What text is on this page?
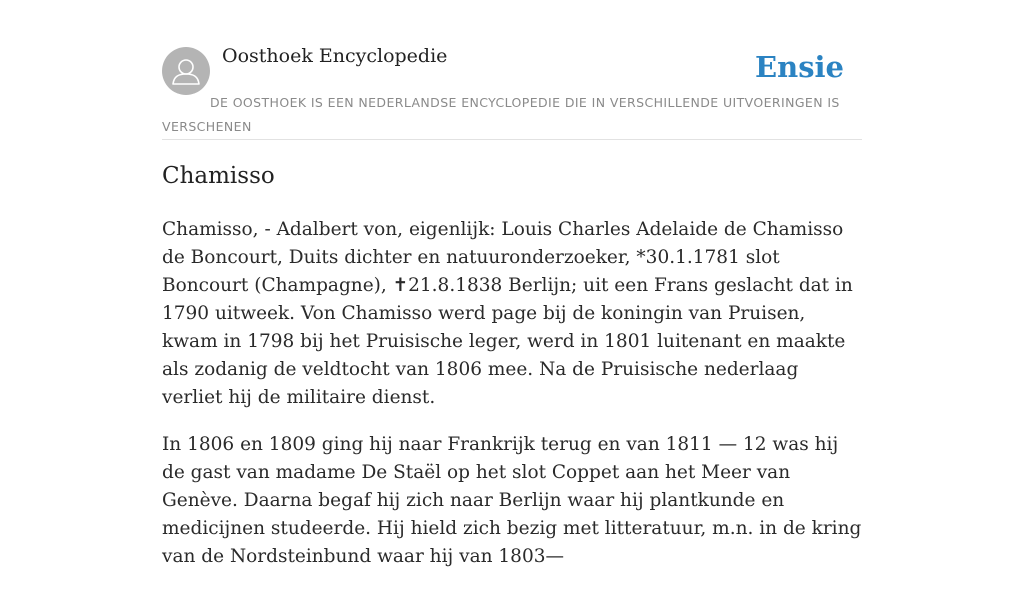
Oosthoek Encyclopedie	Ensie
DE OOSTHOEK IS EEN NEDERLANDSE ENCYCLOPEDIE DIE IN VERSCHILLENDE UITVOERINGEN IS VERSCHENEN
Chamisso

Chamisso, - Adalbert von, eigenlijk: Louis Charles Adelaide de Chamisso de Boncourt, Duits dichter en natuuronderzoeker, *30.1.1781 slot Boncourt (Champagne), ✝21.8.1838 Berlijn; uit een Frans geslacht dat in 1790 uitweek. Von Chamisso werd page bij de koningin van Pruisen, kwam in 1798 bij het Pruisische leger, werd in 1801 luitenant en maakte als zodanig de veldtocht van 1806 mee. Na de Pruisische nederlaag verliet hij de militaire dienst.

In 1806 en 1809 ging hij naar Frankrijk terug en van 1811 — 12 was hij de gast van madame De Staël op het slot Coppet aan het Meer van Genève. Daarna begaf hij zich naar Berlijn waar hij plantkunde en medicijnen studeerde. Hij hield zich bezig met litteratuur, m.n. in de kring van de Nordsteinbund waar hij van 1803—
